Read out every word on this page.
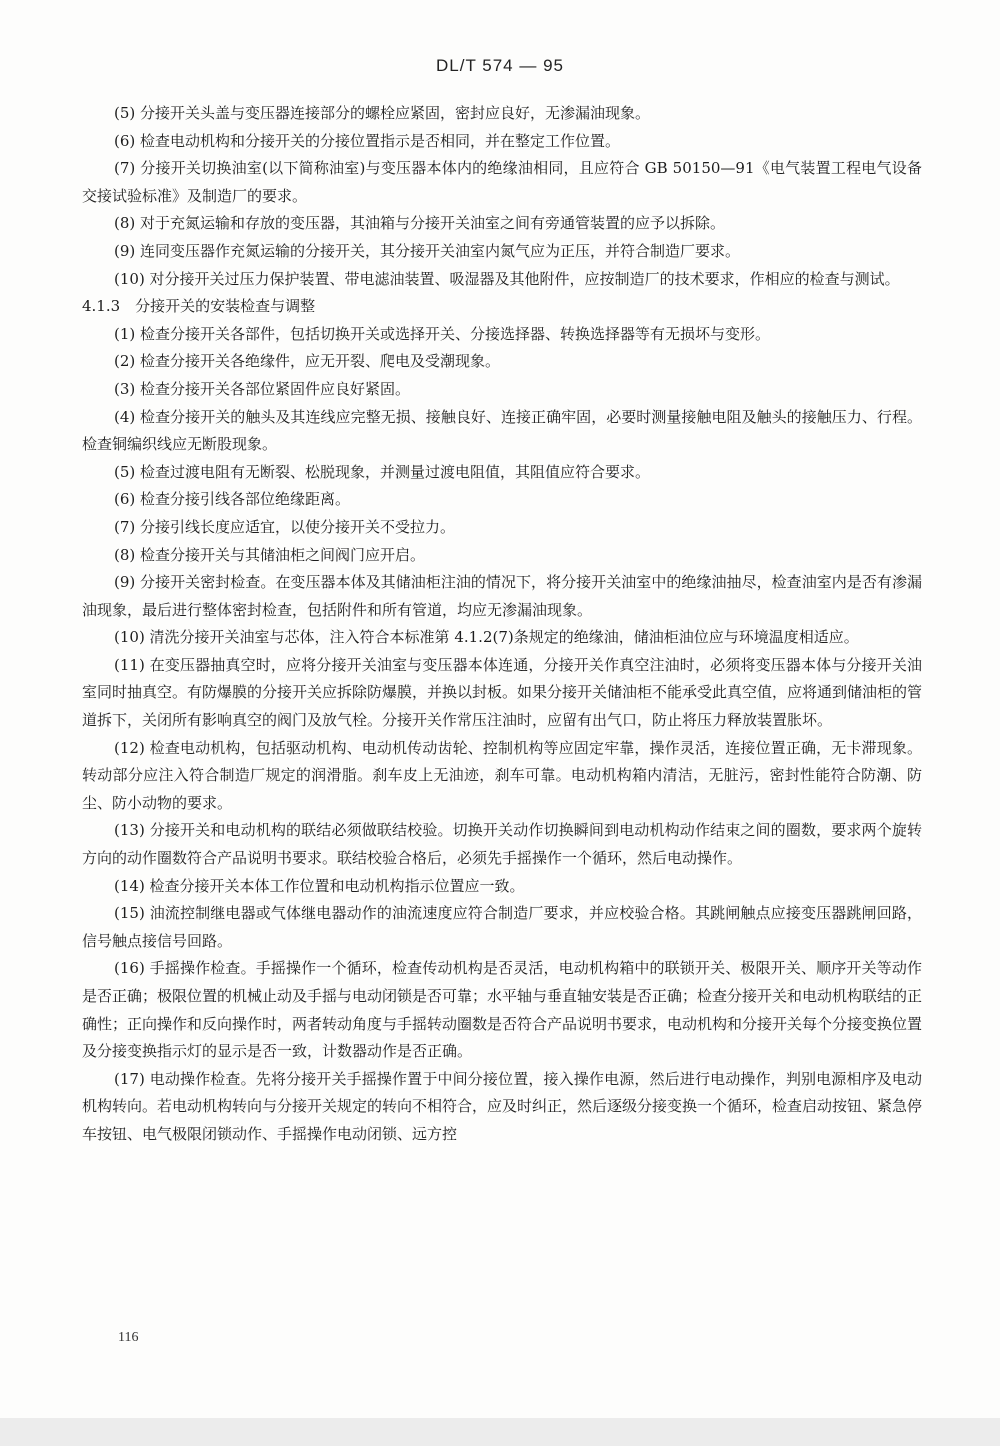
DL/T 574 — 95

(5) 分接开关头盖与变压器连接部分的螺栓应紧固，密封应良好，无渗漏油现象。

(6) 检查电动机构和分接开关的分接位置指示是否相同，并在整定工作位置。

(7) 分接开关切换油室(以下简称油室)与变压器本体内的绝缘油相同，且应符合 GB 50150—91《电气装置工程电气设备交接试验标准》及制造厂的要求。

(8) 对于充氮运输和存放的变压器，其油箱与分接开关油室之间有旁通管装置的应予以拆除。

(9) 连同变压器作充氮运输的分接开关，其分接开关油室内氮气应为正压，并符合制造厂要求。

(10) 对分接开关过压力保护装置、带电滤油装置、吸湿器及其他附件，应按制造厂的技术要求，作相应的检查与测试。

4.1.3　分接开关的安装检查与调整

(1) 检查分接开关各部件，包括切换开关或选择开关、分接选择器、转换选择器等有无损坏与变形。

(2) 检查分接开关各绝缘件，应无开裂、爬电及受潮现象。

(3) 检查分接开关各部位紧固件应良好紧固。

(4) 检查分接开关的触头及其连线应完整无损、接触良好、连接正确牢固，必要时测量接触电阻及触头的接触压力、行程。检查铜编织线应无断股现象。

(5) 检查过渡电阻有无断裂、松脱现象，并测量过渡电阻值，其阻值应符合要求。

(6) 检查分接引线各部位绝缘距离。

(7) 分接引线长度应适宜，以使分接开关不受拉力。

(8) 检查分接开关与其储油柜之间阀门应开启。

(9) 分接开关密封检查。在变压器本体及其储油柜注油的情况下，将分接开关油室中的绝缘油抽尽，检查油室内是否有渗漏油现象，最后进行整体密封检查，包括附件和所有管道，均应无渗漏油现象。

(10) 清洗分接开关油室与芯体，注入符合本标准第 4.1.2(7)条规定的绝缘油，储油柜油位应与环境温度相适应。

(11) 在变压器抽真空时，应将分接开关油室与变压器本体连通，分接开关作真空注油时，必须将变压器本体与分接开关油室同时抽真空。有防爆膜的分接开关应拆除防爆膜，并换以封板。如果分接开关储油柜不能承受此真空值，应将通到储油柜的管道拆下，关闭所有影响真空的阀门及放气栓。分接开关作常压注油时，应留有出气口，防止将压力释放装置胀坏。

(12) 检查电动机构，包括驱动机构、电动机传动齿轮、控制机构等应固定牢靠，操作灵活，连接位置正确，无卡滞现象。转动部分应注入符合制造厂规定的润滑脂。刹车皮上无油迹，刹车可靠。电动机构箱内清洁，无脏污，密封性能符合防潮、防尘、防小动物的要求。

(13) 分接开关和电动机构的联结必须做联结校验。切换开关动作切换瞬间到电动机构动作结束之间的圈数，要求两个旋转方向的动作圈数符合产品说明书要求。联结校验合格后，必须先手摇操作一个循环，然后电动操作。

(14) 检查分接开关本体工作位置和电动机构指示位置应一致。

(15) 油流控制继电器或气体继电器动作的油流速度应符合制造厂要求，并应校验合格。其跳闸触点应接变压器跳闸回路，信号触点接信号回路。

(16) 手摇操作检查。手摇操作一个循环，检查传动机构是否灵活，电动机构箱中的联锁开关、极限开关、顺序开关等动作是否正确；极限位置的机械止动及手摇与电动闭锁是否可靠；水平轴与垂直轴安装是否正确；检查分接开关和电动机构联结的正确性；正向操作和反向操作时，两者转动角度与手摇转动圈数是否符合产品说明书要求，电动机构和分接开关每个分接变换位置及分接变换指示灯的显示是否一致，计数器动作是否正确。

(17) 电动操作检查。先将分接开关手摇操作置于中间分接位置，接入操作电源，然后进行电动操作，判别电源相序及电动机构转向。若电动机构转向与分接开关规定的转向不相符合，应及时纠正，然后逐级分接变换一个循环，检查启动按钮、紧急停车按钮、电气极限闭锁动作、手摇操作电动闭锁、远方控

116
